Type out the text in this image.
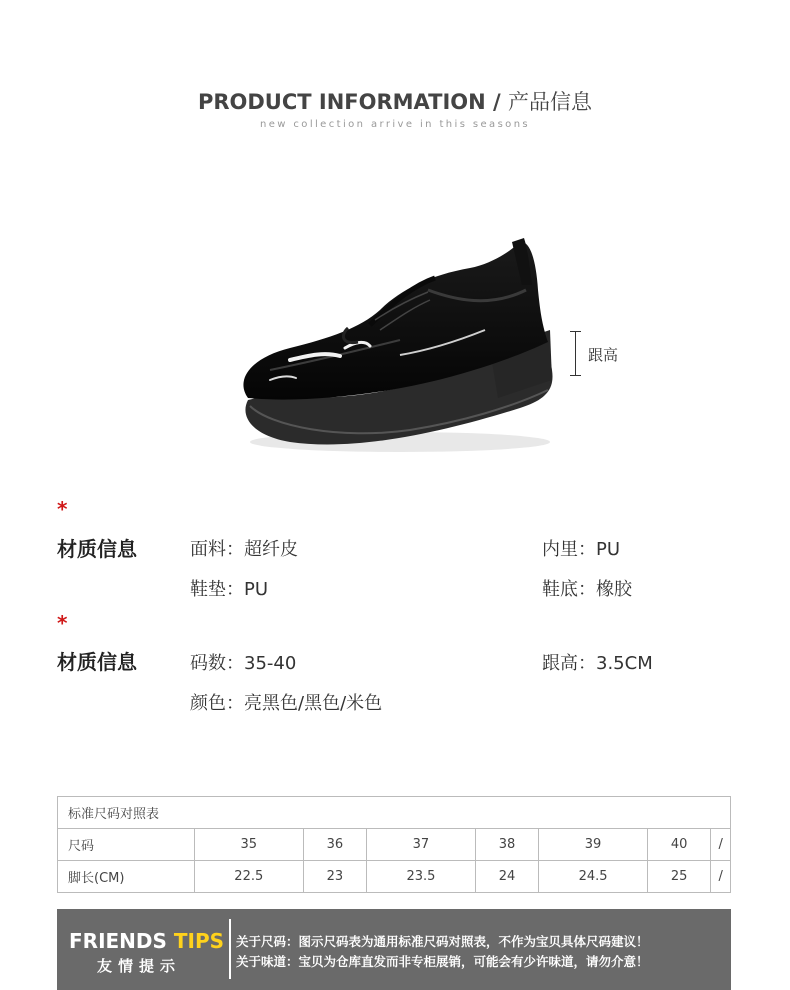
PRODUCT INFORMATION / 产品信息
new collection arrive in this seasons
跟高
*
材质信息	面料：超纤皮	内里：PU
鞋垫：PU	鞋底：橡胶
*
材质信息	码数：35-40	跟高：3.5CM
颜色：亮黑色/黑色/米色
标准尺码对照表							
尺码	35	36	37	38	39	40	/
脚长(CM)	22.5	23	23.5	24	24.5	25	/
FRIENDS TIPS
友情提示
关于尺码：图示尺码表为通用标准尺码对照表，不作为宝贝具体尺码建议！
关于味道：宝贝为仓库直发而非专柜展销，可能会有少许味道，请勿介意！
